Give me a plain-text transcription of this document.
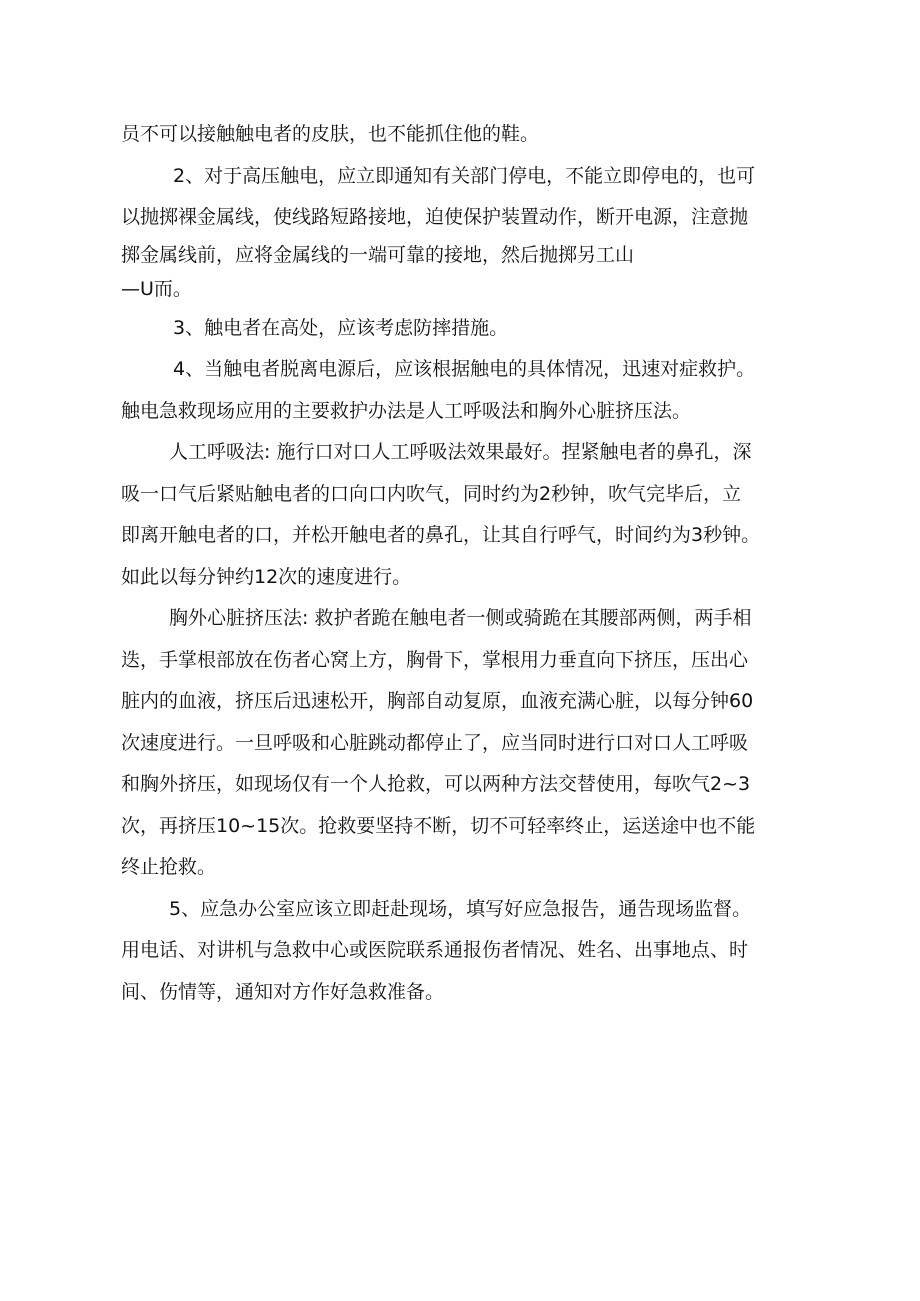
员不可以接触触电者的皮肤，也不能抓住他的鞋。
2、对于高压触电，应立即通知有关部门停电，不能立即停电的，也可
以抛掷裸金属线，使线路短路接地，迫使保护装置动作，断开电源，注意抛
掷金属线前，应将金属线的一端可靠的接地，然后抛掷另工山
—U而。
3、触电者在高处，应该考虑防摔措施。
4、当触电者脱离电源后，应该根据触电的具体情况，迅速对症救护。
触电急救现场应用的主要救护办法是人工呼吸法和胸外心脏挤压法。
人工呼吸法: 施行口对口人工呼吸法效果最好。捏紧触电者的鼻孔，深
吸一口气后紧贴触电者的口向口内吹气，同时约为2秒钟，吹气完毕后，立
即离开触电者的口，并松开触电者的鼻孔，让其自行呼气，时间约为3秒钟。
如此以每分钟约12次的速度进行。
胸外心脏挤压法: 救护者跪在触电者一侧或骑跪在其腰部两侧，两手相
迭，手掌根部放在伤者心窝上方，胸骨下，掌根用力垂直向下挤压，压出心
脏内的血液，挤压后迅速松开，胸部自动复原，血液充满心脏，以每分钟60
次速度进行。一旦呼吸和心脏跳动都停止了，应当同时进行口对口人工呼吸
和胸外挤压，如现场仅有一个人抢救，可以两种方法交替使用，每吹气2~3
次，再挤压10~15次。抢救要坚持不断，切不可轻率终止，运送途中也不能
终止抢救。
5、应急办公室应该立即赶赴现场，填写好应急报告，通告现场监督。
用电话、对讲机与急救中心或医院联系通报伤者情况、姓名、出事地点、时
间、伤情等，通知对方作好急救准备。
